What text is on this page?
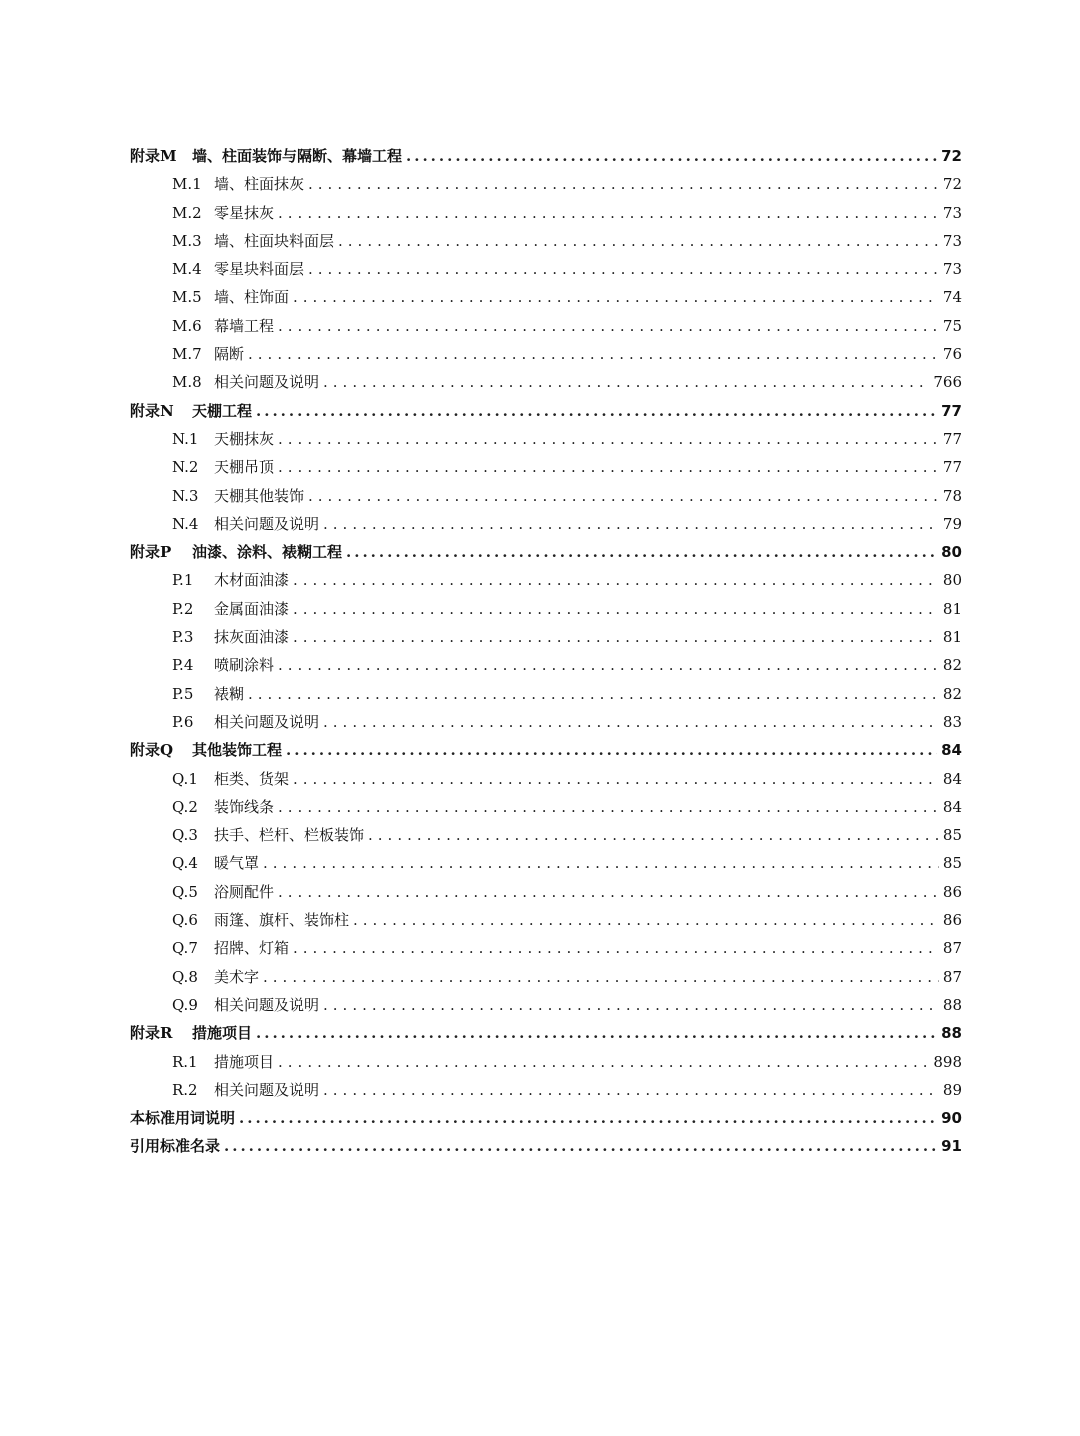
附录M	墙、柱面装饰与隔断、幕墙工程 .....	72
M.1 墙、柱面抹灰 .....	72
M.2 零星抹灰 .....	73
M.3 墙、柱面块料面层 .....	73
M.4 零星块料面层 .....	73
M.5 墙、柱饰面 .....	74
M.6 幕墙工程 .....	75
M.7 隔断 .....	76
M.8 相关问题及说明 .....	766
附录N	天棚工程 .....	77
N.1	天棚抹灰 .....	77
N.2	天棚吊顶 .....	77
N.3	天棚其他装饰 .....	78
N.4	相关问题及说明 .....	79
附录P	油漆、涂料、裱糊工程 .....	80
P.1	木材面油漆 .....	80
P.2	金属面油漆 .....	81
P.3	抹灰面油漆 .....	81
P.4	喷刷涂料 .....	82
P.5	裱糊 .....	82
P.6	相关问题及说明 .....	83
附录Q	其他装饰工程 .....	84
Q.1	柜类、货架 .....	84
Q.2	装饰线条 .....	84
Q.3	扶手、栏杆、栏板装饰 .....	85
Q.4	暖气罩 .....	85
Q.5	浴厕配件 .....	86
Q.6	雨篷、旗杆、装饰柱 .....	86
Q.7	招牌、灯箱 .....	87
Q.8	美术字 .....	87
Q.9	相关问题及说明 .....	88
附录R	措施项目 .....	88
R.1	措施项目 .....	898
R.2	相关问题及说明 .....	89
本标准用词说明 .....	90
引用标准名录 .....	91
